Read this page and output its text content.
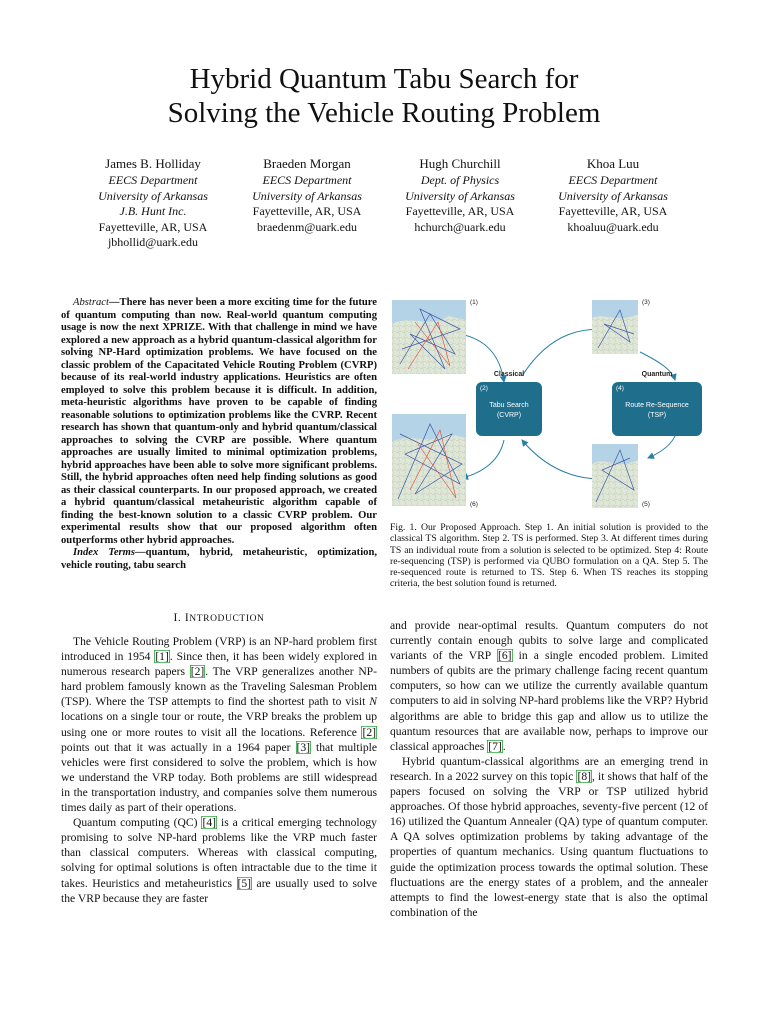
Hybrid Quantum Tabu Search for
Solving the Vehicle Routing Problem
James B. Holliday
EECS Department
University of Arkansas
J.B. Hunt Inc.
Fayetteville, AR, USA
jbhollid@uark.edu
Braeden Morgan
EECS Department
University of Arkansas
Fayetteville, AR, USA
braedenm@uark.edu
Hugh Churchill
Dept. of Physics
University of Arkansas
Fayetteville, AR, USA
hchurch@uark.edu
Khoa Luu
EECS Department
University of Arkansas
Fayetteville, AR, USA
khoaluu@uark.edu

Abstract—There has never been a more exciting time for the future of quantum computing than now. Real-world quantum computing usage is now the next XPRIZE. With that challenge in mind we have explored a new approach as a hybrid quantum-classical algorithm for solving NP-Hard optimization problems. We have focused on the classic problem of the Capacitated Vehicle Routing Problem (CVRP) because of its real-world industry applications. Heuristics are often employed to solve this problem because it is difficult. In addition, meta-heuristic algorithms have proven to be capable of finding reasonable solutions to optimization problems like the CVRP. Recent research has shown that quantum-only and hybrid quantum/classical approaches to solving the CVRP are possible. Where quantum approaches are usually limited to minimal optimization problems, hybrid approaches have been able to solve more significant problems. Still, the hybrid approaches often need help finding solutions as good as their classical counterparts. In our proposed approach, we created a hybrid quantum/classical metaheuristic algorithm capable of finding the best-known solution to a classic CVRP problem. Our experimental results show that our proposed algorithm often outperforms other hybrid approaches.

Index Terms—quantum, hybrid, metaheuristic, optimization, vehicle routing, tabu search

I. INTRODUCTION

The Vehicle Routing Problem (VRP) is an NP-hard problem first introduced in 1954 [1]. Since then, it has been widely explored in numerous research papers [2]. The VRP generalizes another NP-hard problem famously known as the Traveling Salesman Problem (TSP). Where the TSP attempts to find the shortest path to visit N locations on a single tour or route, the VRP breaks the problem up using one or more routes to visit all the locations. Reference [2] points out that it was actually in a 1964 paper [3] that multiple vehicles were first considered to solve the problem, which is how we understand the VRP today. Both problems are still widespread in the transportation industry, and companies solve them numerous times daily as part of their operations.

Quantum computing (QC) [4] is a critical emerging technology promising to solve NP-hard problems like the VRP much faster than classical computers. Whereas with classical computing, solving for optimal solutions is often intractable due to the time it takes. Heuristics and metaheuristics [5] are usually used to solve the VRP because they are faster

and provide near-optimal results. Quantum computers do not currently contain enough qubits to solve large and complicated variants of the VRP [6] in a single encoded problem. Limited numbers of qubits are the primary challenge facing recent quantum computers, so how can we utilize the currently available quantum computers to aid in solving NP-hard problems like the VRP? Hybrid algorithms are able to bridge this gap and allow us to utilize the quantum resources that are available now, perhaps to improve our classical approaches [7].

Hybrid quantum-classical algorithms are an emerging trend in research. In a 2022 survey on this topic [8], it shows that half of the papers focused on solving the VRP or TSP utilized hybrid approaches. Of those hybrid approaches, seventy-five percent (12 of 16) utilized the Quantum Annealer (QA) type of quantum computer. A QA solves optimization problems by taking advantage of the properties of quantum mechanics. Using quantum fluctuations to guide the optimization process towards the optimal solution. These fluctuations are the energy states of a problem, and the annealer attempts to find the lowest-energy state that is also the optimal combination of the

(1)	(3)
(5)
(6)
(2)
Tabu Search
(CVRP)
Classical
(4)
Route Re-Sequence
(TSP)
Quantum
Fig. 1. Our Proposed Approach. Step 1. An initial solution is provided to the classical TS algorithm. Step 2. TS is performed. Step 3. At different times during TS an individual route from a solution is selected to be optimized. Step 4: Route re-sequencing (TSP) is performed via QUBO formulation on a QA. Step 5. The re-sequenced route is returned to TS. Step 6. When TS reaches its stopping criteria, the best solution found is returned.
